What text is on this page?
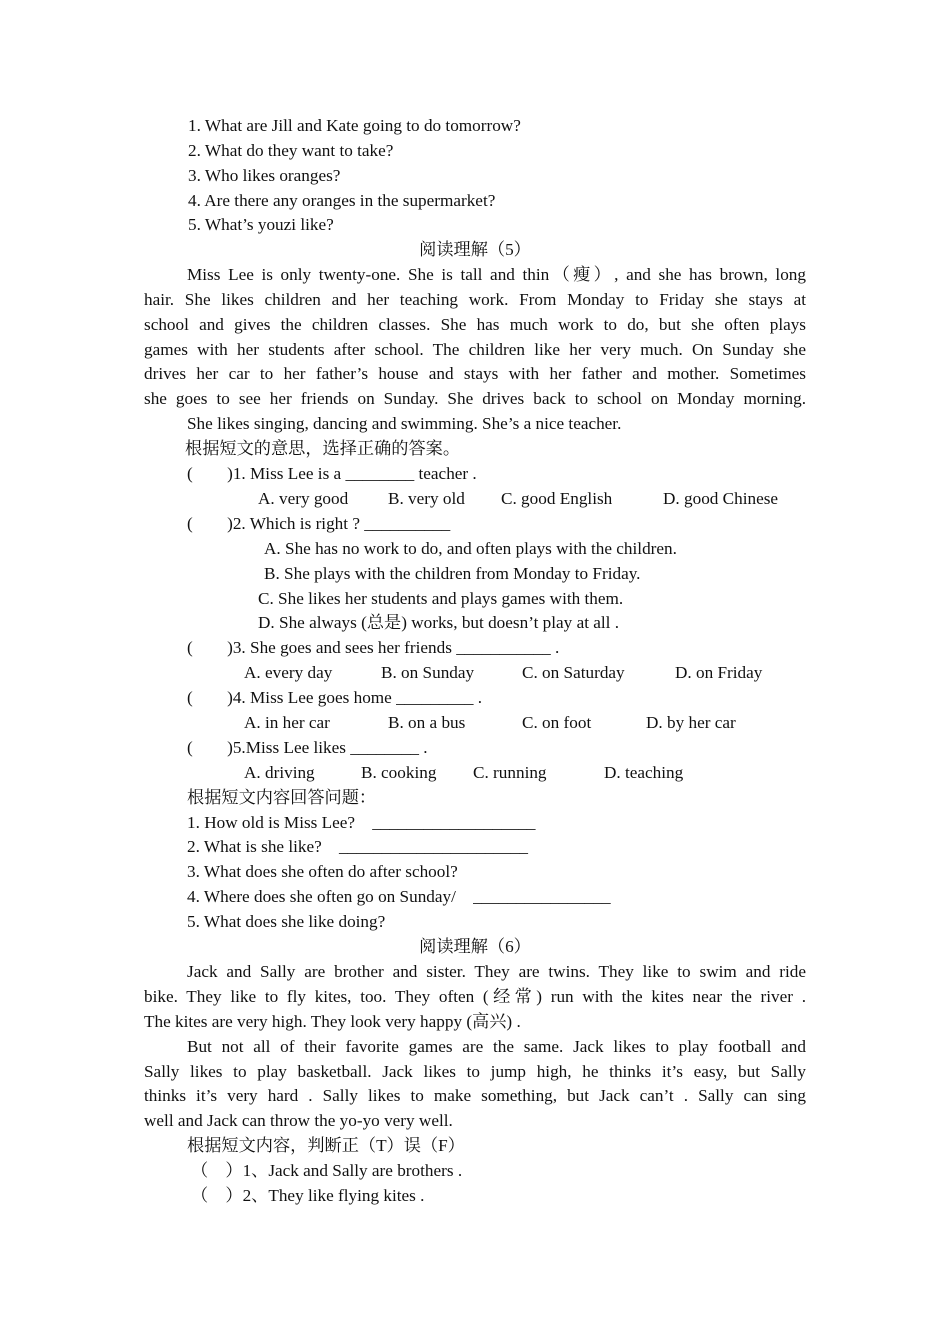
1. What are Jill and Kate going to do tomorrow?
2. What do they want to take?
3. Who likes oranges?
4. Are there any oranges in the supermarket?
5. What’s youzi like?
阅读理解（5）
Miss Lee is only twenty-one. She is tall and thin（瘦）, and she has brown, long
hair. She likes children and her teaching work. From Monday to Friday she stays at
school and gives the children classes. She has much work to do, but she often plays
games with her students after school. The children like her very much. On Sunday she
drives her car to her father’s house and stays with her father and mother. Sometimes
she goes to see her friends on Sunday. She drives back to school on Monday morning.
She likes singing, dancing and swimming. She’s a nice teacher.
根据短文的意思，选择正确的答案。
(        )1. Miss Lee is a ________ teacher .
A. very good B. very old C. good English	D. good Chinese
(        )2. Which is right ? __________
A. She has no work to do, and often plays with the children.
B. She plays with the children from Monday to Friday.
C. She likes her students and plays games with them.
D. She always (总是) works, but doesn’t play at all .
(        )3. She goes and sees her friends ___________ .
A. every day	B. on Sunday	C. on Saturday	D. on Friday
(        )4. Miss Lee goes home _________ .
A. in her car	B. on a bus	C. on foot	D. by her car
(        )5.Miss Lee likes ________ .
A. driving	B. cooking C. running	D. teaching
根据短文内容回答问题：
1. How old is Miss Lee?    ___________________
2. What is she like?    ______________________
3. What does she often do after school?
4. Where does she often go on Sunday/    ________________
5. What does she like doing?
阅读理解（6）
Jack and Sally are brother and sister. They are twins. They like to swim and ride
bike. They like to fly kites, too. They often (经常) run with the kites near the river .
The kites are very high. They look very happy (高兴) .
But not all of their favorite games are the same. Jack likes to play football and
Sally likes to play basketball. Jack likes to jump high, he thinks it’s easy, but Sally
thinks it’s very hard . Sally likes to make something, but Jack can’t . Sally can sing
well and Jack can throw the yo-yo very well.
根据短文内容，判断正（T）误（F）
（    ）1、Jack and Sally are brothers .
（    ）2、They like flying kites .
